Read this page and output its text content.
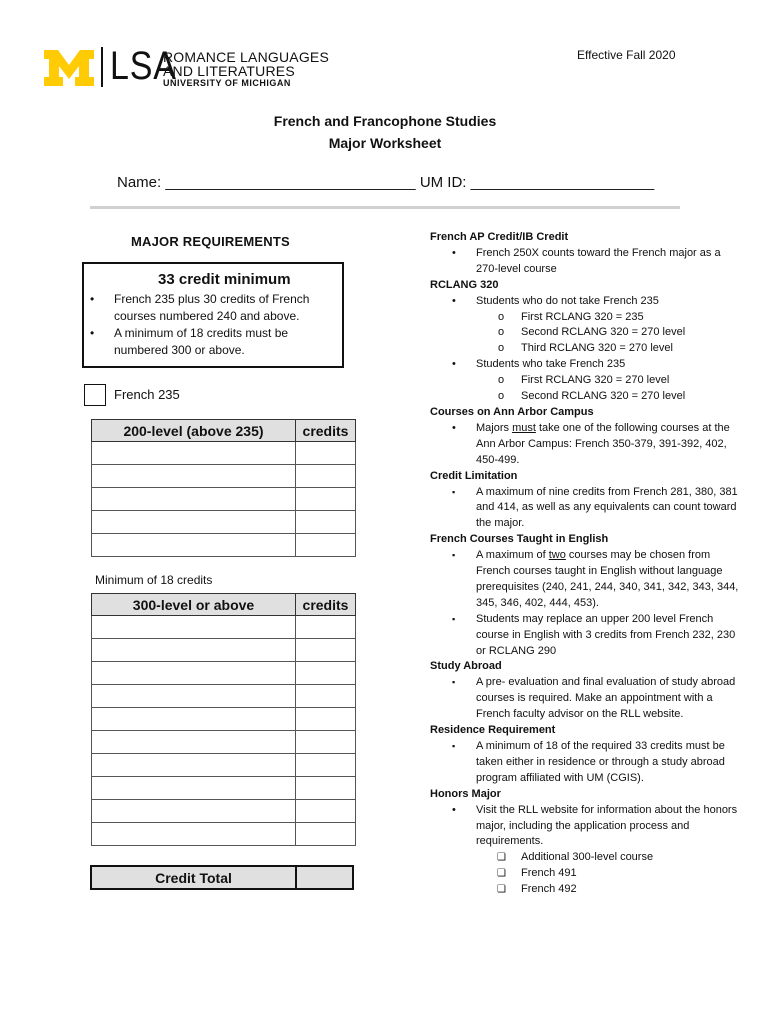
LSA
ROMANCE LANGUAGES
AND LITERATURES
UNIVERSITY OF MICHIGAN
Effective Fall 2020
French and Francophone Studies
Major Worksheet
Name: ______________________________ UM ID: ______________________
MAJOR REQUIREMENTS
33 credit minimum
• French 235 plus 30 credits of French courses numbered 240 and above.
• A minimum of 18 credits must be numbered 300 or above.
French 235
200-level (above 235)	credits

Minimum of 18 credits
300-level or above	credits

Credit Total	
French AP Credit/IB Credit
• French 250X counts toward the French major as a 270-level course
RCLANG 320
• Students who do not take French 235
o First RCLANG 320 = 235
o Second RCLANG 320 = 270 level
o Third RCLANG 320 = 270 level
• Students who take French 235
o First RCLANG 320 = 270 level
o Second RCLANG 320 = 270 level
Courses on Ann Arbor Campus
• Majors must take one of the following courses at the Ann Arbor Campus: French 350-379, 391-392, 402, 450-499.
Credit Limitation
▪ A maximum of nine credits from French 281, 380, 381 and 414, as well as any equivalents can count toward the major.
French Courses Taught in English
▪ A maximum of two courses may be chosen from French courses taught in English without language prerequisites (240, 241, 244, 340, 341, 342, 343, 344, 345, 346, 402, 444, 453).
▪ Students may replace an upper 200 level French course in English with 3 credits from French 232, 230 or RCLANG 290
Study Abroad
▪ A pre- evaluation and final evaluation of study abroad courses is required. Make an appointment with a French faculty advisor on the RLL website.
Residence Requirement
▪ A minimum of 18 of the required 33 credits must be taken either in residence or through a study abroad program affiliated with UM (CGIS).
Honors Major
• Visit the RLL website for information about the honors major, including the application process and requirements.
❏ Additional 300-level course
❏ French 491
❏ French 492
